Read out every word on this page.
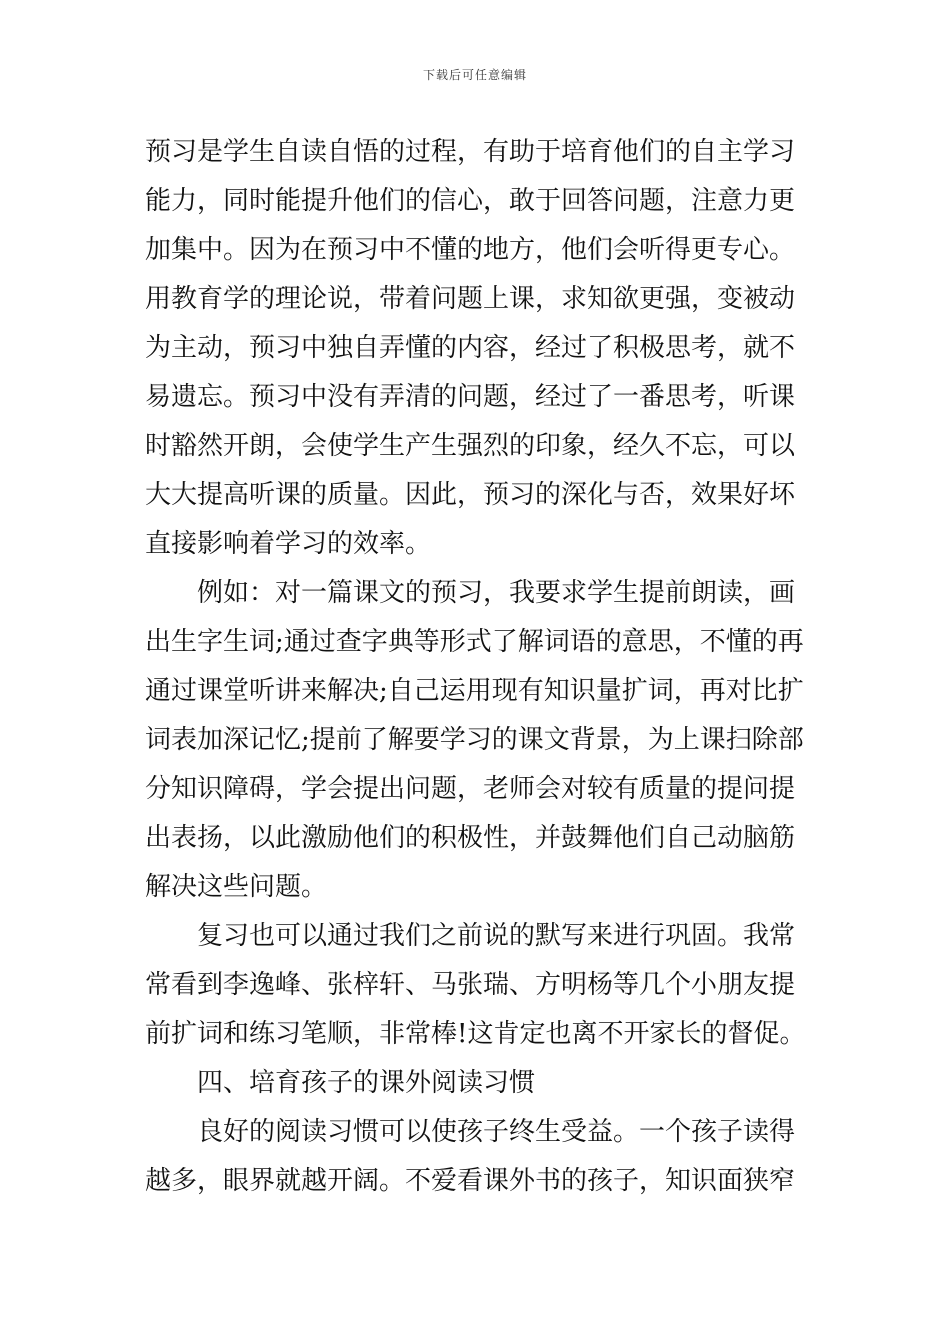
下载后可任意编辑
预习是学生自读自悟的过程，有助于培育他们的自主学习
能力，同时能提升他们的信心，敢于回答问题，注意力更
加集中。因为在预习中不懂的地方，他们会听得更专心。
用教育学的理论说，带着问题上课，求知欲更强，变被动
为主动，预习中独自弄懂的内容，经过了积极思考，就不
易遗忘。预习中没有弄清的问题，经过了一番思考，听课
时豁然开朗，会使学生产生强烈的印象，经久不忘，可以
大大提高听课的质量。因此，预习的深化与否，效果好坏
直接影响着学习的效率。
　　例如：对一篇课文的预习，我要求学生提前朗读，画
出生字生词;通过查字典等形式了解词语的意思，不懂的再
通过课堂听讲来解决;自己运用现有知识量扩词，再对比扩
词表加深记忆;提前了解要学习的课文背景，为上课扫除部
分知识障碍，学会提出问题，老师会对较有质量的提问提
出表扬，以此激励他们的积极性，并鼓舞他们自己动脑筋
解决这些问题。
　　复习也可以通过我们之前说的默写来进行巩固。我常
常看到李逸峰、张梓轩、马张瑞、方明杨等几个小朋友提
前扩词和练习笔顺，非常棒!这肯定也离不开家长的督促。
　　四、培育孩子的课外阅读习惯
　　良好的阅读习惯可以使孩子终生受益。一个孩子读得
越多，眼界就越开阔。不爱看课外书的孩子，知识面狭窄
